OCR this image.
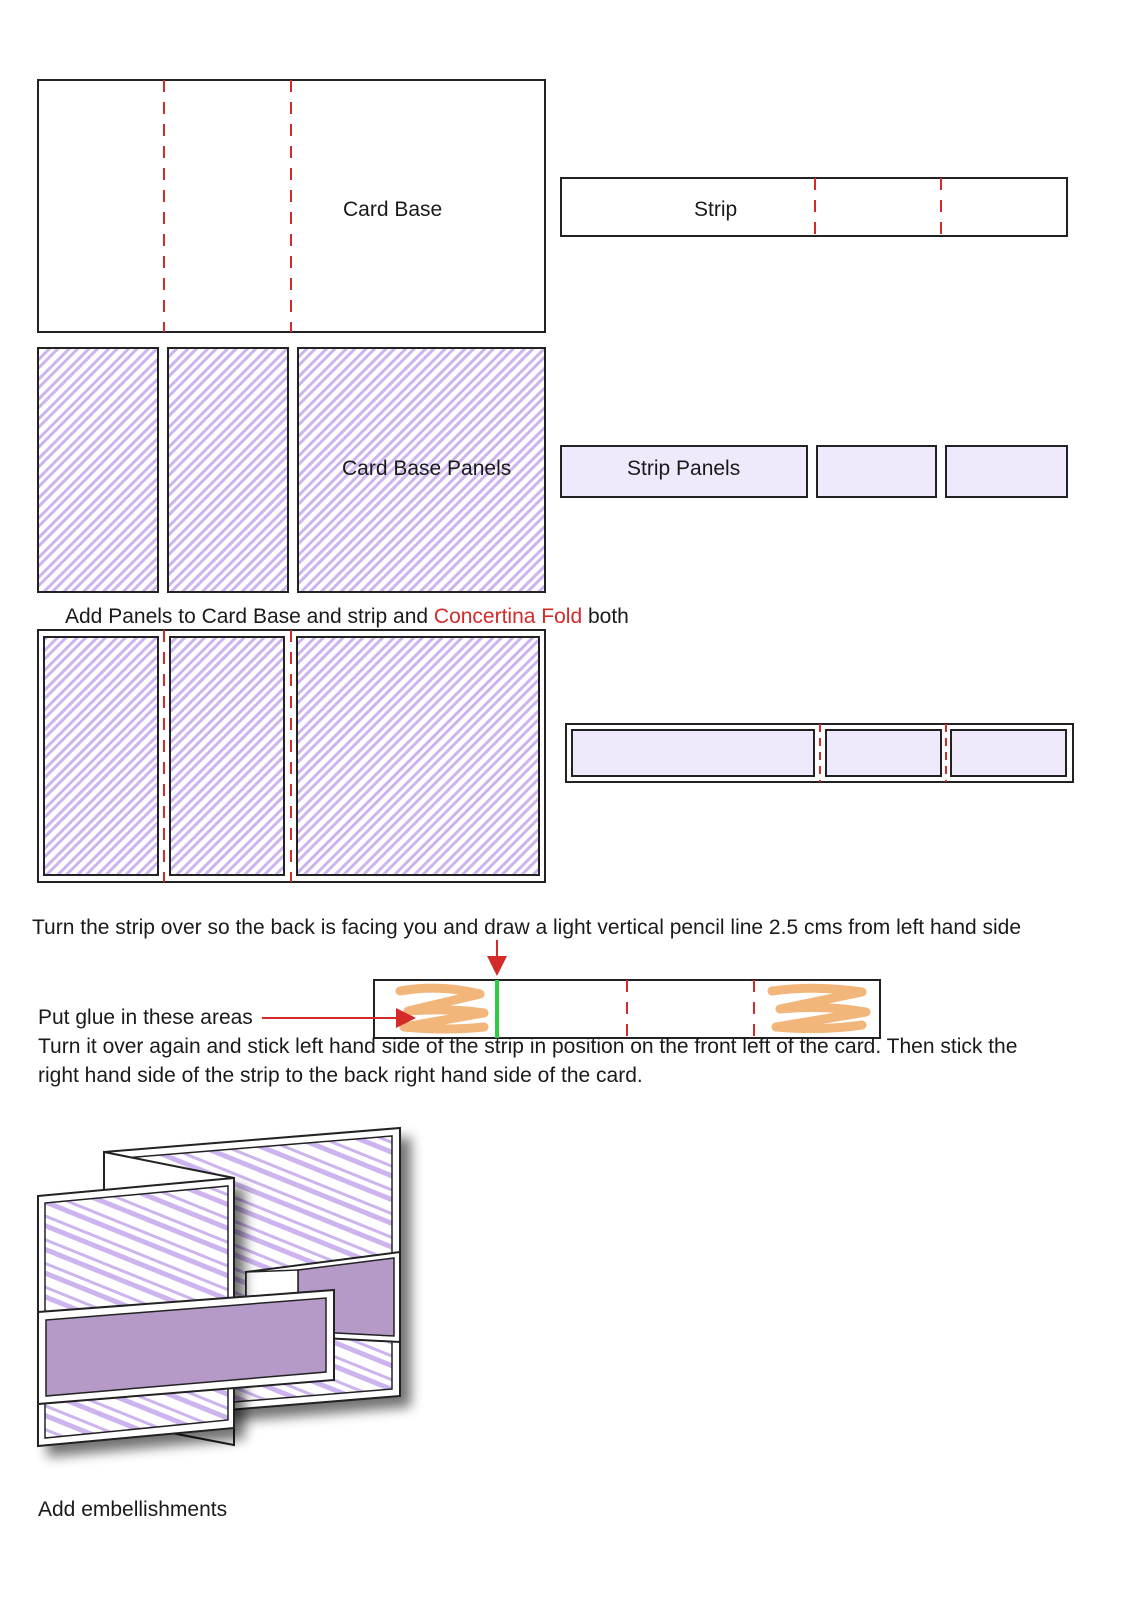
Card Base	Strip
Card Base Panels	Strip Panels
Add Panels to Card Base and strip and Concertina Fold both
Turn the strip over so the back is facing you and draw a light vertical pencil line 2.5 cms from left hand side
Put glue in these areas
Turn it over again and stick left hand side of the strip in position on the front left of the card. Then stick the
right hand side of the strip to the back right hand side of the card.
Add embellishments
